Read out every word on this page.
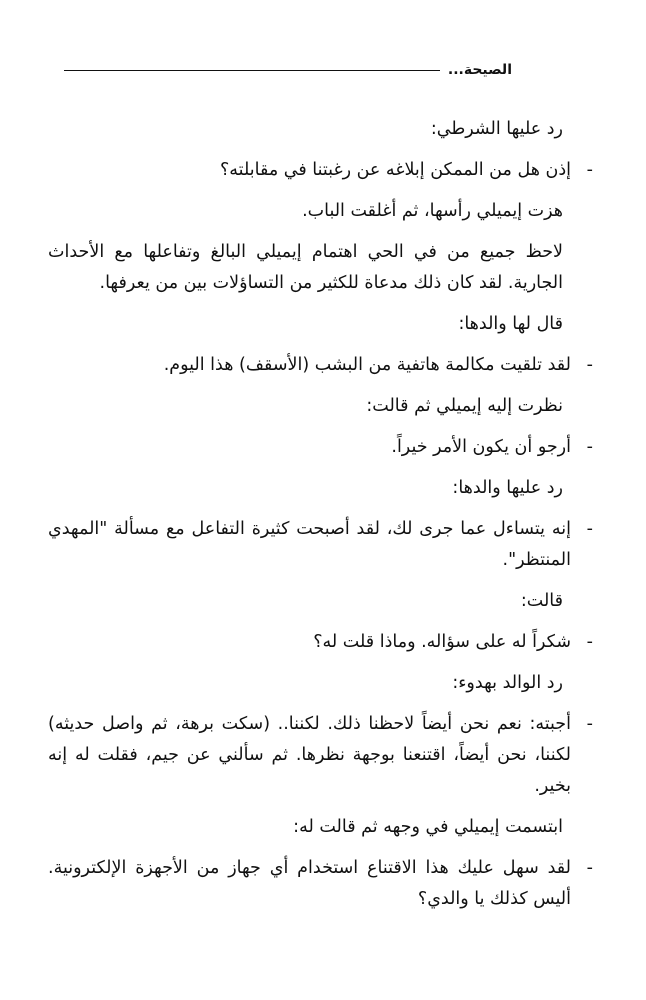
الصيحة...

رد عليها الشرطي:

-
إذن هل من الممكن إبلاغه عن رغبتنا في مقابلته؟

هزت إيميلي رأسها، ثم أغلقت الباب.

لاحظ جميع من في الحي اهتمام إيميلي البالغ وتفاعلها مع الأحداث الجارية. لقد كان ذلك مدعاة للكثير من التساؤلات بين من يعرفها.

قال لها والدها:

-
لقد تلقيت مكالمة هاتفية من البشب (الأسقف) هذا اليوم.

نظرت إليه إيميلي ثم قالت:

-
أرجو أن يكون الأمر خيراً.

رد عليها والدها:

-
إنه يتساءل عما جرى لك، لقد أصبحت كثيرة التفاعل مع مسألة "المهدي المنتظر".

قالت:

-
شكراً له على سؤاله. وماذا قلت له؟

رد الوالد بهدوء:

-
أجبته: نعم نحن أيضاً لاحظنا ذلك. لكننا.. (سكت برهة، ثم واصل حديثه) لكننا، نحن أيضاً، اقتنعنا بوجهة نظرها. ثم سألني عن جيم، فقلت له إنه بخير.

ابتسمت إيميلي في وجهه ثم قالت له:

-
لقد سهل عليك هذا الاقتناع استخدام أي جهاز من الأجهزة الإلكترونية. أليس كذلك يا والدي؟
